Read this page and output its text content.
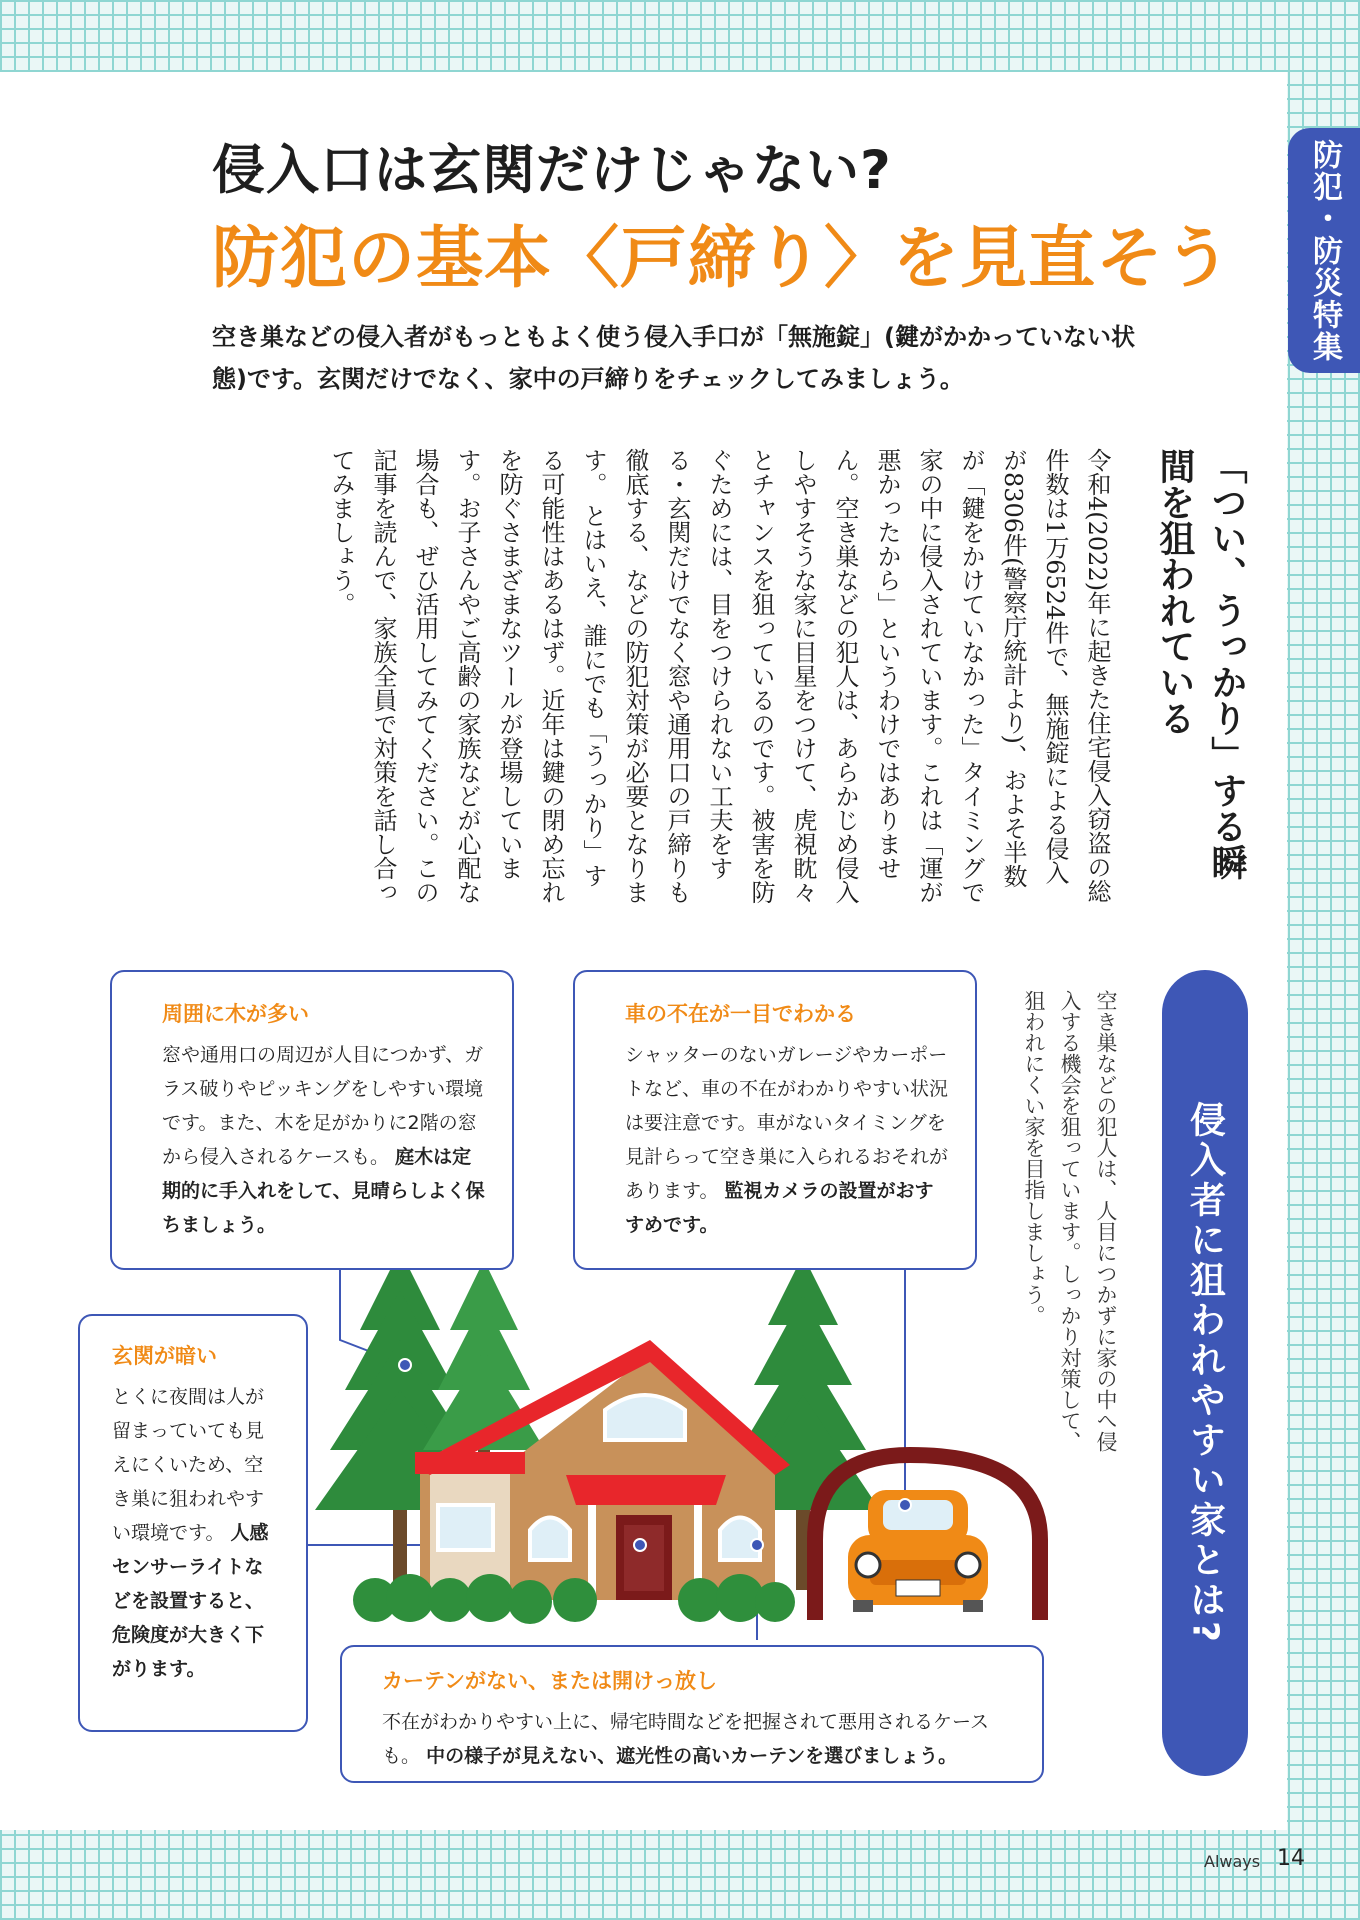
防犯・防災特集
侵入口は玄関だけじゃない?
防犯の基本〈戸締り〉を見直そう
空き巣などの侵入者がもっともよく使う侵入手口が「無施錠」(鍵がかかっていない状態)です。玄関だけでなく、家中の戸締りをチェックしてみましょう。
「つい、うっかり」する瞬間を狙われている
令和4(2022)年に起きた住宅侵入窃盗の総件数は1万6524件で、無施錠による侵入が8306件(警察庁統計より)、およそ半数が「鍵をかけていなかった」タイミングで家の中に侵入されています。これは「運が悪かったから」というわけではありません。空き巣などの犯人は、あらかじめ侵入しやすそうな家に目星をつけて、虎視眈々とチャンスを狙っているのです。被害を防ぐためには、目をつけられない工夫をする・玄関だけでなく窓や通用口の戸締りも徹底する、などの防犯対策が必要となります。 とはいえ、誰にでも「うっかり」する可能性はあるはず。近年は鍵の閉め忘れを防ぐさまざまなツールが登場しています。お子さんやご高齢の家族などが心配な場合も、ぜひ活用してみてください。この記事を読んで、家族全員で対策を話し合ってみましょう。
周囲に木が多い
窓や通用口の周辺が人目につかず、ガラス破りやピッキングをしやすい環境です。また、木を足がかりに2階の窓から侵入されるケースも。 庭木は定期的に手入れをして、見晴らしよく保ちましょう。
車の不在が一目でわかる
シャッターのないガレージやカーポートなど、車の不在がわかりやすい状況は要注意です。車がないタイミングを見計らって空き巣に入られるおそれがあります。 監視カメラの設置がおすすめです。
玄関が暗い
とくに夜間は人が留まっていても見えにくいため、空き巣に狙われやすい環境です。 人感センサーライトなどを設置すると、危険度が大きく下がります。	カーテンがない、または開けっ放し
不在がわかりやすい上に、帰宅時間などを把握されて悪用されるケースも。 中の様子が見えない、遮光性の高いカーテンを選びましょう。
空き巣などの犯人は、人目につかずに家の中へ侵入する機会を狙っています。しっかり対策して、狙われにくい家を目指しましょう。	侵入者に狙われやすい家とは?
Always 14
